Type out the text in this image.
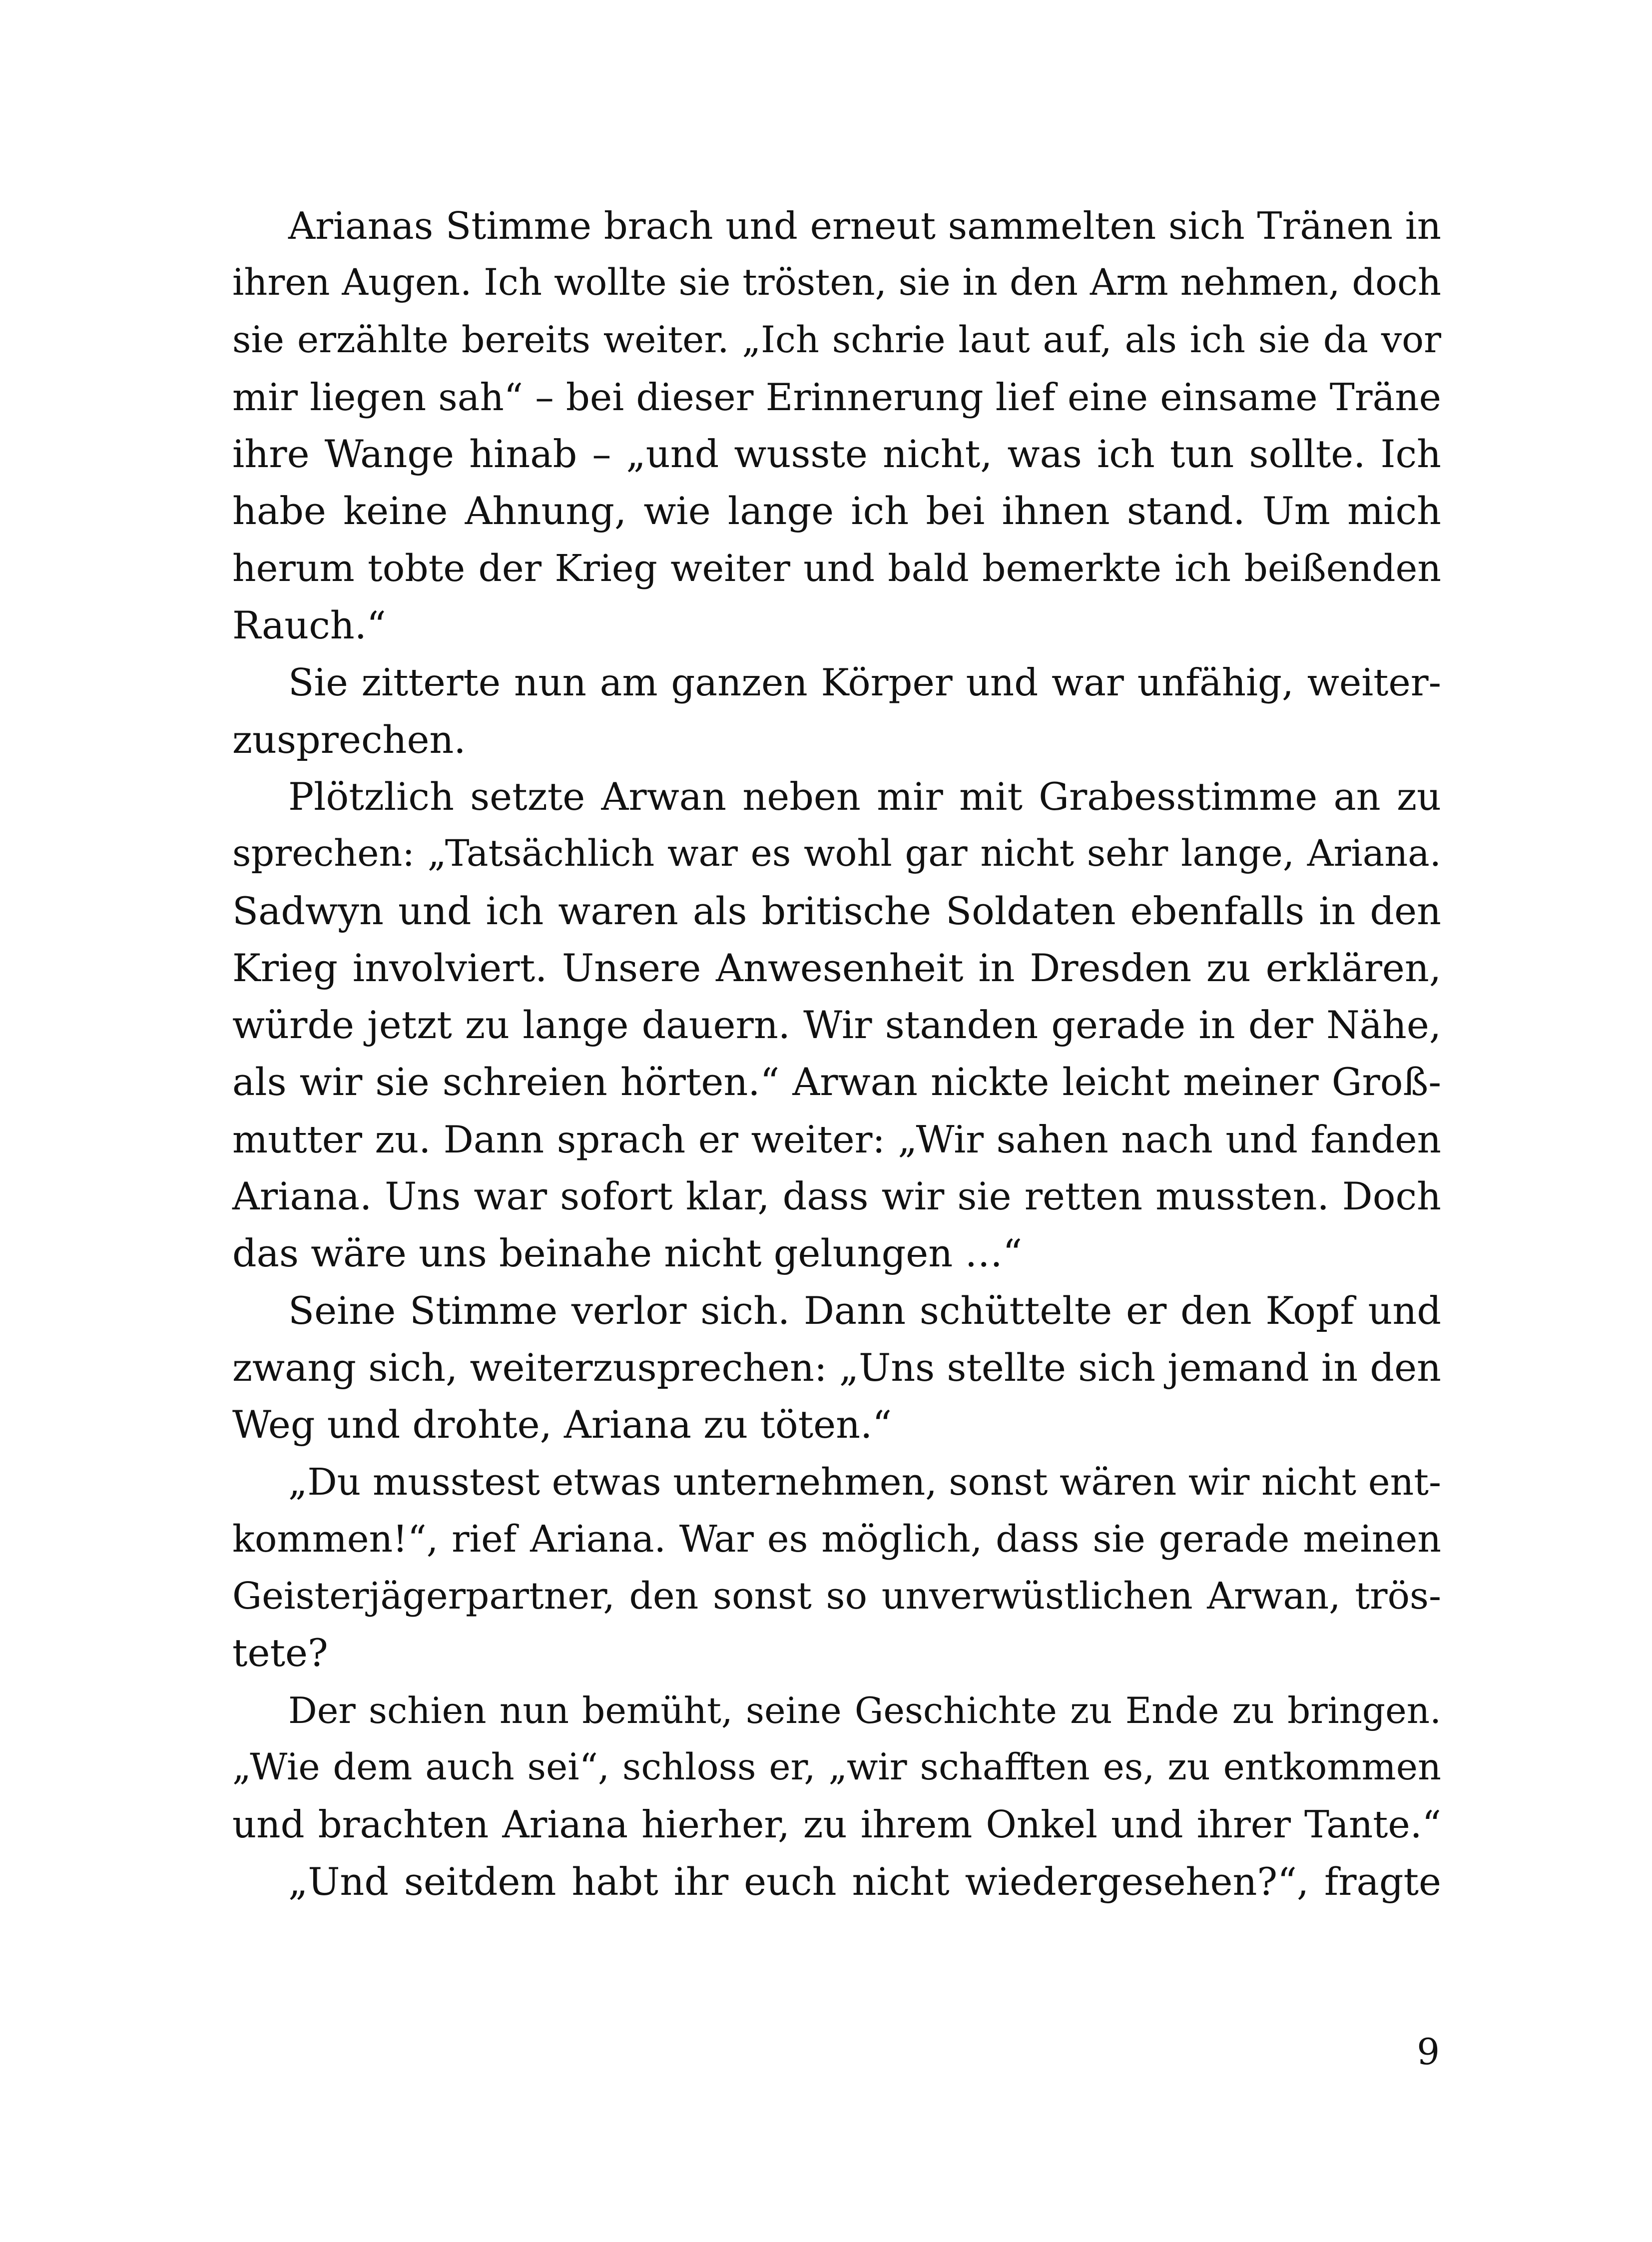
Arianas Stimme brach und erneut sammelten sich Tränen in
ihren Augen. Ich wollte sie trösten, sie in den Arm nehmen, doch
sie erzählte bereits weiter. „Ich schrie laut auf, als ich sie da vor
mir liegen sah“ – bei dieser Erinnerung lief eine einsame Träne
ihre Wange hinab – „und wusste nicht, was ich tun sollte. Ich
habe keine Ahnung, wie lange ich bei ihnen stand. Um mich
herum tobte der Krieg weiter und bald bemerkte ich beißenden
Rauch.“
Sie zitterte nun am ganzen Körper und war unfähig, weiter-
zusprechen.
Plötzlich setzte Arwan neben mir mit Grabesstimme an zu
sprechen: „Tatsächlich war es wohl gar nicht sehr lange, Ariana.
Sadwyn und ich waren als britische Soldaten ebenfalls in den
Krieg involviert. Unsere Anwesenheit in Dresden zu erklären,
würde jetzt zu lange dauern. Wir standen gerade in der Nähe,
als wir sie schreien hörten.“ Arwan nickte leicht meiner Groß-
mutter zu. Dann sprach er weiter: „Wir sahen nach und fanden
Ariana. Uns war sofort klar, dass wir sie retten mussten. Doch
das wäre uns beinahe nicht gelungen …“
Seine Stimme verlor sich. Dann schüttelte er den Kopf und
zwang sich, weiterzusprechen: „Uns stellte sich jemand in den
Weg und drohte, Ariana zu töten.“
„Du musstest etwas unternehmen, sonst wären wir nicht ent-
kommen!“, rief Ariana. War es möglich, dass sie gerade meinen
Geisterjägerpartner, den sonst so unverwüstlichen Arwan, trös-
tete?
Der schien nun bemüht, seine Geschichte zu Ende zu bringen.
„Wie dem auch sei“, schloss er, „wir schafften es, zu entkommen
und brachten Ariana hierher, zu ihrem Onkel und ihrer Tante.“
„Und seitdem habt ihr euch nicht wiedergesehen?“, fragte
9
